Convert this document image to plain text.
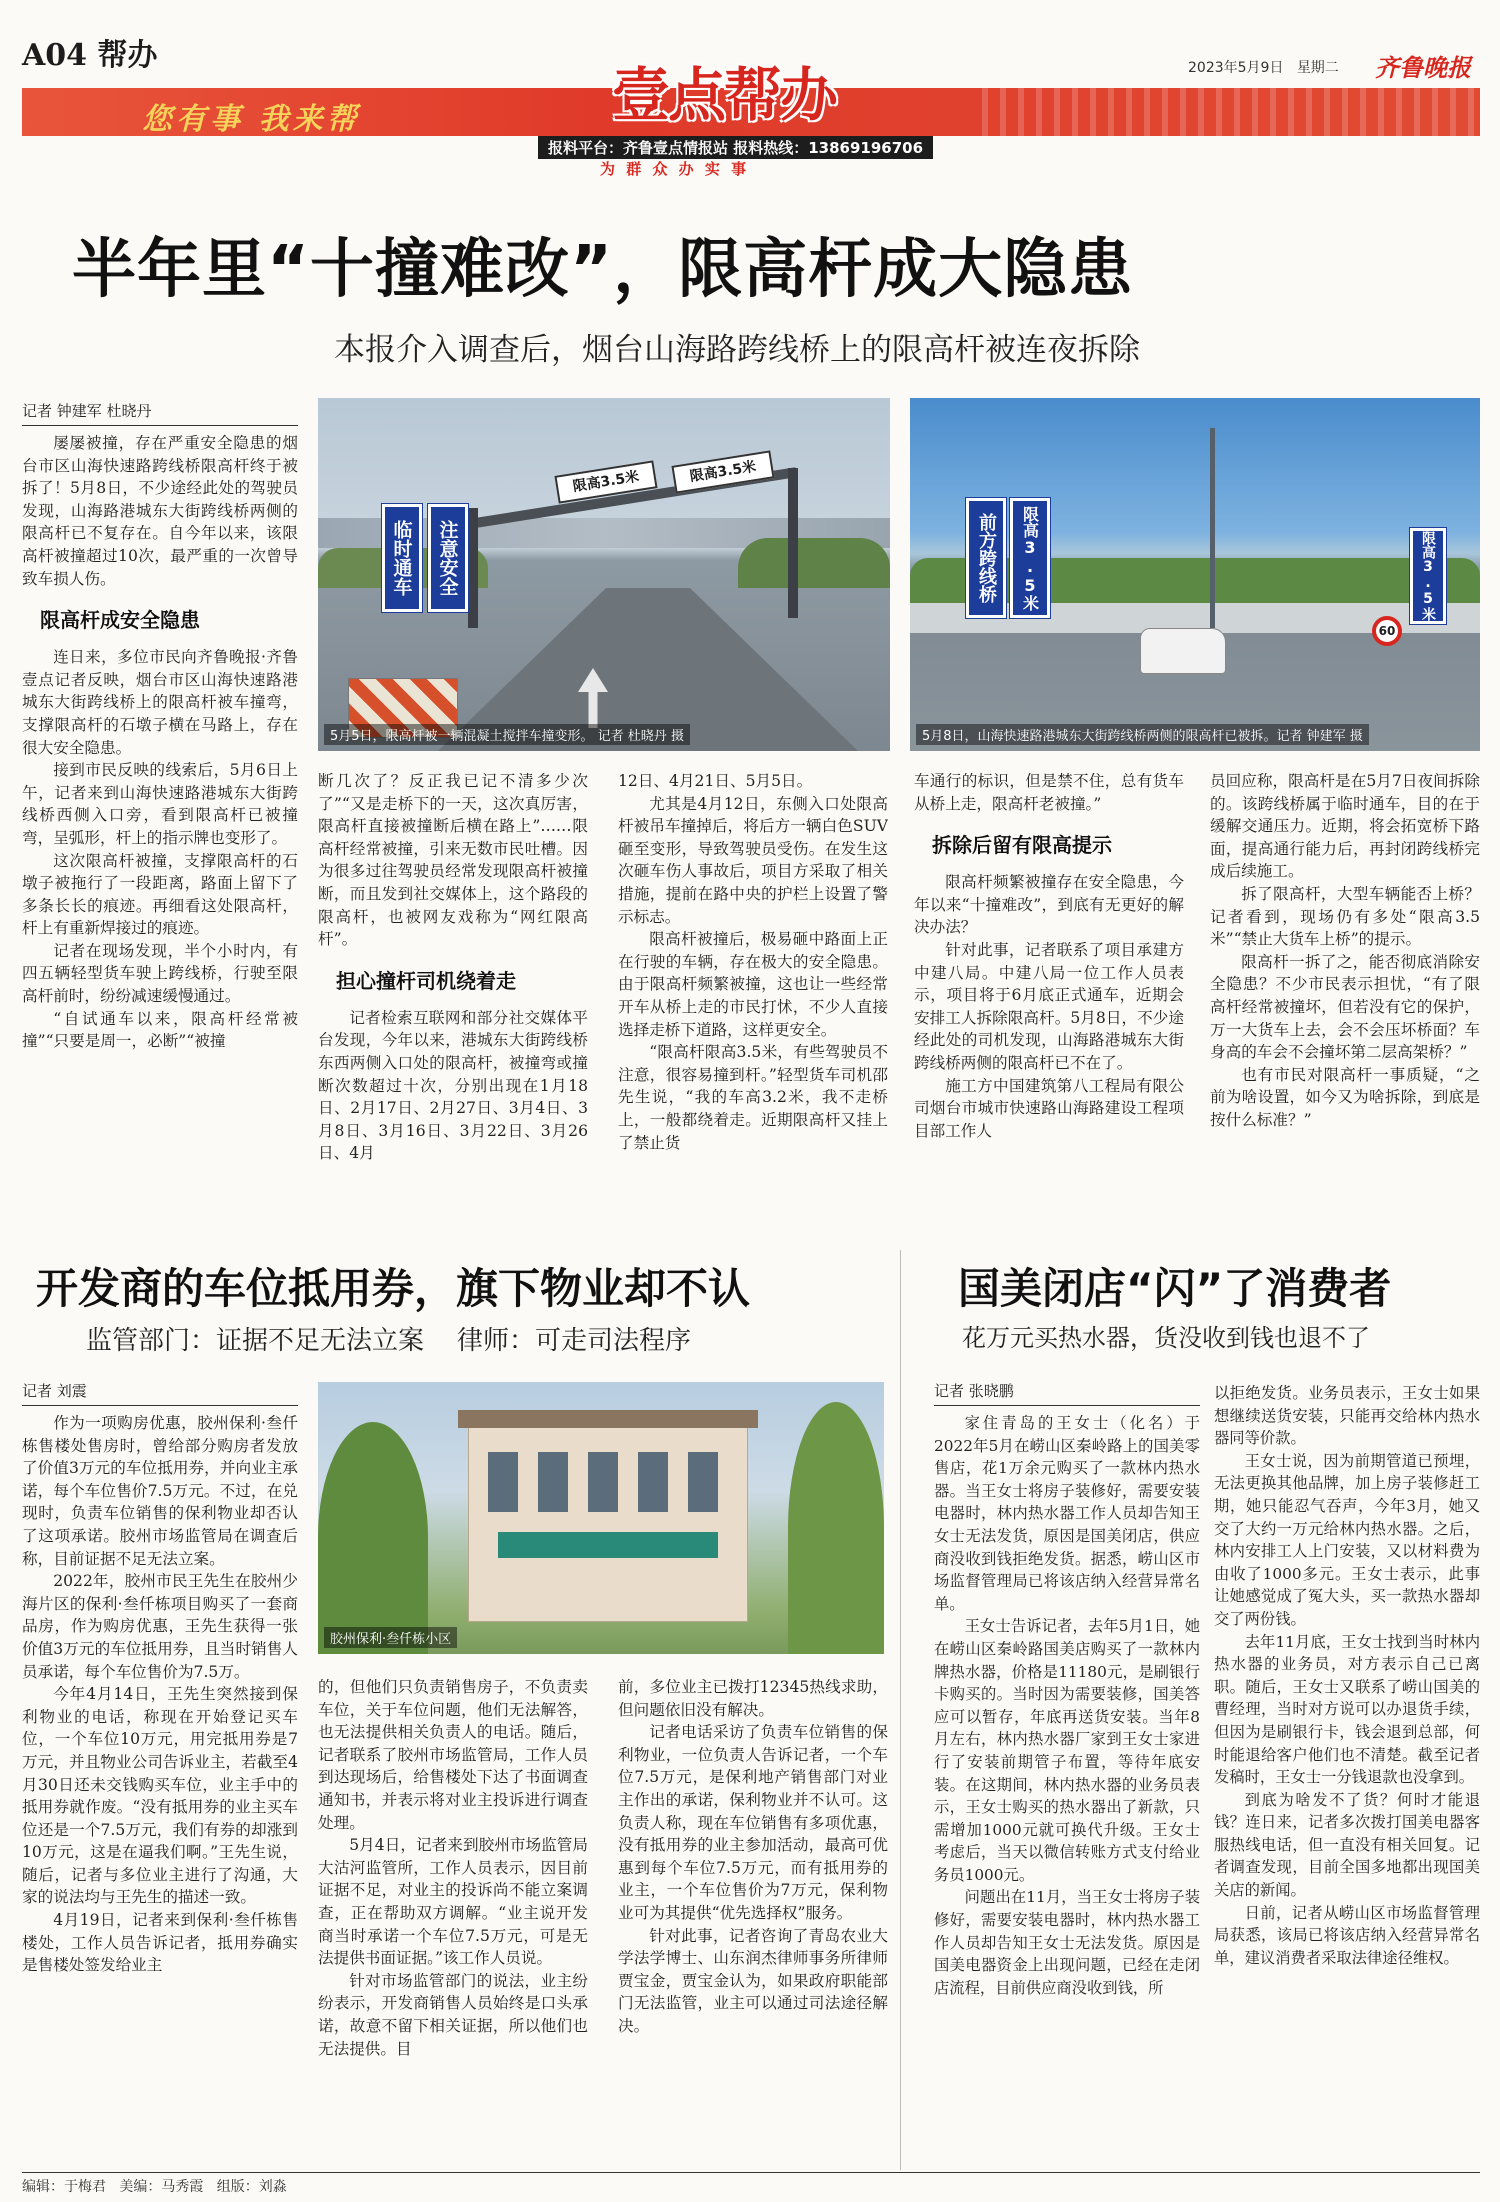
A04 帮办	2023年5月9日 星期二 齐鲁晚报
您有事 我来帮	壹点帮办
报料平台：齐鲁壹点情报站 报料热线：13869196706
为 群 众 办 实 事
半年里“十撞难改”，限高杆成大隐患
本报介入调查后，烟台山海路跨线桥上的限高杆被连夜拆除
记者 钟建军 杜晓丹
限高3.5米	限高3.5米
临时通车	注意安全
5月5日，限高杆被一辆混凝土搅拌车撞变形。 记者 杜晓丹 摄
前方跨线桥	限高3.5米	限高3.5米
60
5月8日，山海快速路港城东大街跨线桥两侧的限高杆已被拆。记者 钟建军 摄

屡屡被撞，存在严重安全隐患的烟台市区山海快速路跨线桥限高杆终于被拆了！5月8日，不少途经此处的驾驶员发现，山海路港城东大街跨线桥两侧的限高杆已不复存在。自今年以来，该限高杆被撞超过10次，最严重的一次曾导致车损人伤。

限高杆成安全隐患

连日来，多位市民向齐鲁晚报·齐鲁壹点记者反映，烟台市区山海快速路港城东大街跨线桥上的限高杆被车撞弯，支撑限高杆的石墩子横在马路上，存在很大安全隐患。

接到市民反映的线索后，5月6日上午，记者来到山海快速路港城东大街跨线桥西侧入口旁，看到限高杆已被撞弯，呈弧形，杆上的指示牌也变形了。

这次限高杆被撞，支撑限高杆的石墩子被拖行了一段距离，路面上留下了多条长长的痕迹。再细看这处限高杆，杆上有重新焊接过的痕迹。

记者在现场发现，半个小时内，有四五辆轻型货车驶上跨线桥，行驶至限高杆前时，纷纷减速缓慢通过。

“自试通车以来，限高杆经常被撞”“只要是周一，必断”“被撞

断几次了？反正我已记不清多少次了”“又是走桥下的一天，这次真厉害，限高杆直接被撞断后横在路上”……限高杆经常被撞，引来无数市民吐槽。因为很多过往驾驶员经常发现限高杆被撞断，而且发到社交媒体上，这个路段的限高杆，也被网友戏称为“网红限高杆”。

担心撞杆司机绕着走

记者检索互联网和部分社交媒体平台发现，今年以来，港城东大街跨线桥东西两侧入口处的限高杆，被撞弯或撞断次数超过十次，分别出现在1月18日、2月17日、2月27日、3月4日、3月8日、3月16日、3月22日、3月26日、4月

12日、4月21日、5月5日。

尤其是4月12日，东侧入口处限高杆被吊车撞掉后，将后方一辆白色SUV砸至变形，导致驾驶员受伤。在发生这次砸车伤人事故后，项目方采取了相关措施，提前在路中央的护栏上设置了警示标志。

限高杆被撞后，极易砸中路面上正在行驶的车辆，存在极大的安全隐患。由于限高杆频繁被撞，这也让一些经常开车从桥上走的市民打怵，不少人直接选择走桥下道路，这样更安全。

“限高杆限高3.5米，有些驾驶员不注意，很容易撞到杆。”轻型货车司机邵先生说，“我的车高3.2米，我不走桥上，一般都绕着走。近期限高杆又挂上了禁止货

车通行的标识，但是禁不住，总有货车从桥上走，限高杆老被撞。”

拆除后留有限高提示

限高杆频繁被撞存在安全隐患，今年以来“十撞难改”，到底有无更好的解决办法？

针对此事，记者联系了项目承建方中建八局。中建八局一位工作人员表示，项目将于6月底正式通车，近期会安排工人拆除限高杆。5月8日，不少途经此处的司机发现，山海路港城东大街跨线桥两侧的限高杆已不在了。

施工方中国建筑第八工程局有限公司烟台市城市快速路山海路建设工程项目部工作人

员回应称，限高杆是在5月7日夜间拆除的。该跨线桥属于临时通车，目的在于缓解交通压力。近期，将会拓宽桥下路面，提高通行能力后，再封闭跨线桥完成后续施工。

拆了限高杆，大型车辆能否上桥？记者看到，现场仍有多处“限高3.5米”“禁止大货车上桥”的提示。

限高杆一拆了之，能否彻底消除安全隐患？不少市民表示担忧，“有了限高杆经常被撞坏，但若没有它的保护，万一大货车上去，会不会压坏桥面？车身高的车会不会撞坏第二层高架桥？”

也有市民对限高杆一事质疑，“之前为啥设置，如今又为啥拆除，到底是按什么标准？”

开发商的车位抵用券，旗下物业却不认
监管部门：证据不足无法立案    律师：可走司法程序
记者 刘震
胶州保利·叁仟栋小区

作为一项购房优惠，胶州保利·叁仟栋售楼处售房时，曾给部分购房者发放了价值3万元的车位抵用券，并向业主承诺，每个车位售价7.5万元。不过，在兑现时，负责车位销售的保利物业却否认了这项承诺。胶州市场监管局在调查后称，目前证据不足无法立案。

2022年，胶州市民王先生在胶州少海片区的保利·叁仟栋项目购买了一套商品房，作为购房优惠，王先生获得一张价值3万元的车位抵用券，且当时销售人员承诺，每个车位售价为7.5万。

今年4月14日，王先生突然接到保利物业的电话，称现在开始登记买车位，一个车位10万元，用完抵用券是7万元，并且物业公司告诉业主，若截至4月30日还未交钱购买车位，业主手中的抵用券就作废。“没有抵用券的业主买车位还是一个7.5万元，我们有券的却涨到10万元，这是在逼我们啊。”王先生说，随后，记者与多位业主进行了沟通，大家的说法均与王先生的描述一致。

4月19日，记者来到保利·叁仟栋售楼处，工作人员告诉记者，抵用券确实是售楼处签发给业主

的，但他们只负责销售房子，不负责卖车位，关于车位问题，他们无法解答，也无法提供相关负责人的电话。随后，记者联系了胶州市场监管局，工作人员到达现场后，给售楼处下达了书面调查通知书，并表示将对业主投诉进行调查处理。

5月4日，记者来到胶州市场监管局大沽河监管所，工作人员表示，因目前证据不足，对业主的投诉尚不能立案调查，正在帮助双方调解。“业主说开发商当时承诺一个车位7.5万元，可是无法提供书面证据。”该工作人员说。

针对市场监管部门的说法，业主纷纷表示，开发商销售人员始终是口头承诺，故意不留下相关证据，所以他们也无法提供。目

前，多位业主已拨打12345热线求助，但问题依旧没有解决。

记者电话采访了负责车位销售的保利物业，一位负责人告诉记者，一个车位7.5万元，是保利地产销售部门对业主作出的承诺，保利物业并不认可。这负责人称，现在车位销售有多项优惠，没有抵用券的业主参加活动，最高可优惠到每个车位7.5万元，而有抵用券的业主，一个车位售价为7万元，保利物业可为其提供“优先选择权”服务。

针对此事，记者咨询了青岛农业大学法学博士、山东润杰律师事务所律师贾宝金，贾宝金认为，如果政府职能部门无法监管，业主可以通过司法途径解决。

国美闭店“闪”了消费者
花万元买热水器，货没收到钱也退不了
记者 张晓鹏

家住青岛的王女士（化名）于2022年5月在崂山区秦岭路上的国美零售店，花1万余元购买了一款林内热水器。当王女士将房子装修好，需要安装电器时，林内热水器工作人员却告知王女士无法发货，原因是国美闭店，供应商没收到钱拒绝发货。据悉，崂山区市场监督管理局已将该店纳入经营异常名单。

王女士告诉记者，去年5月1日，她在崂山区秦岭路国美店购买了一款林内牌热水器，价格是11180元，是刷银行卡购买的。当时因为需要装修，国美答应可以暂存，年底再送货安装。当年8月左右，林内热水器厂家到王女士家进行了安装前期管子布置，等待年底安装。在这期间，林内热水器的业务员表示，王女士购买的热水器出了新款，只需增加1000元就可换代升级。王女士考虑后，当天以微信转账方式支付给业务员1000元。

问题出在11月，当王女士将房子装修好，需要安装电器时，林内热水器工作人员却告知王女士无法发货。原因是国美电器资金上出现问题，已经在走闭店流程，目前供应商没收到钱，所

以拒绝发货。业务员表示，王女士如果想继续送货安装，只能再交给林内热水器同等价款。

王女士说，因为前期管道已预埋，无法更换其他品牌，加上房子装修赶工期，她只能忍气吞声，今年3月，她又交了大约一万元给林内热水器。之后，林内安排工人上门安装，又以材料费为由收了1000多元。王女士表示，此事让她感觉成了冤大头，买一款热水器却交了两份钱。

去年11月底，王女士找到当时林内热水器的业务员，对方表示自己已离职。随后，王女士又联系了崂山国美的曹经理，当时对方说可以办退货手续，但因为是刷银行卡，钱会退到总部，何时能退给客户他们也不清楚。截至记者发稿时，王女士一分钱退款也没拿到。

到底为啥发不了货？何时才能退钱？连日来，记者多次拨打国美电器客服热线电话，但一直没有相关回复。记者调查发现，目前全国多地都出现国美关店的新闻。

日前，记者从崂山区市场监督管理局获悉，该局已将该店纳入经营异常名单，建议消费者采取法律途径维权。

编辑：于梅君 美编：马秀霞 组版：刘淼
